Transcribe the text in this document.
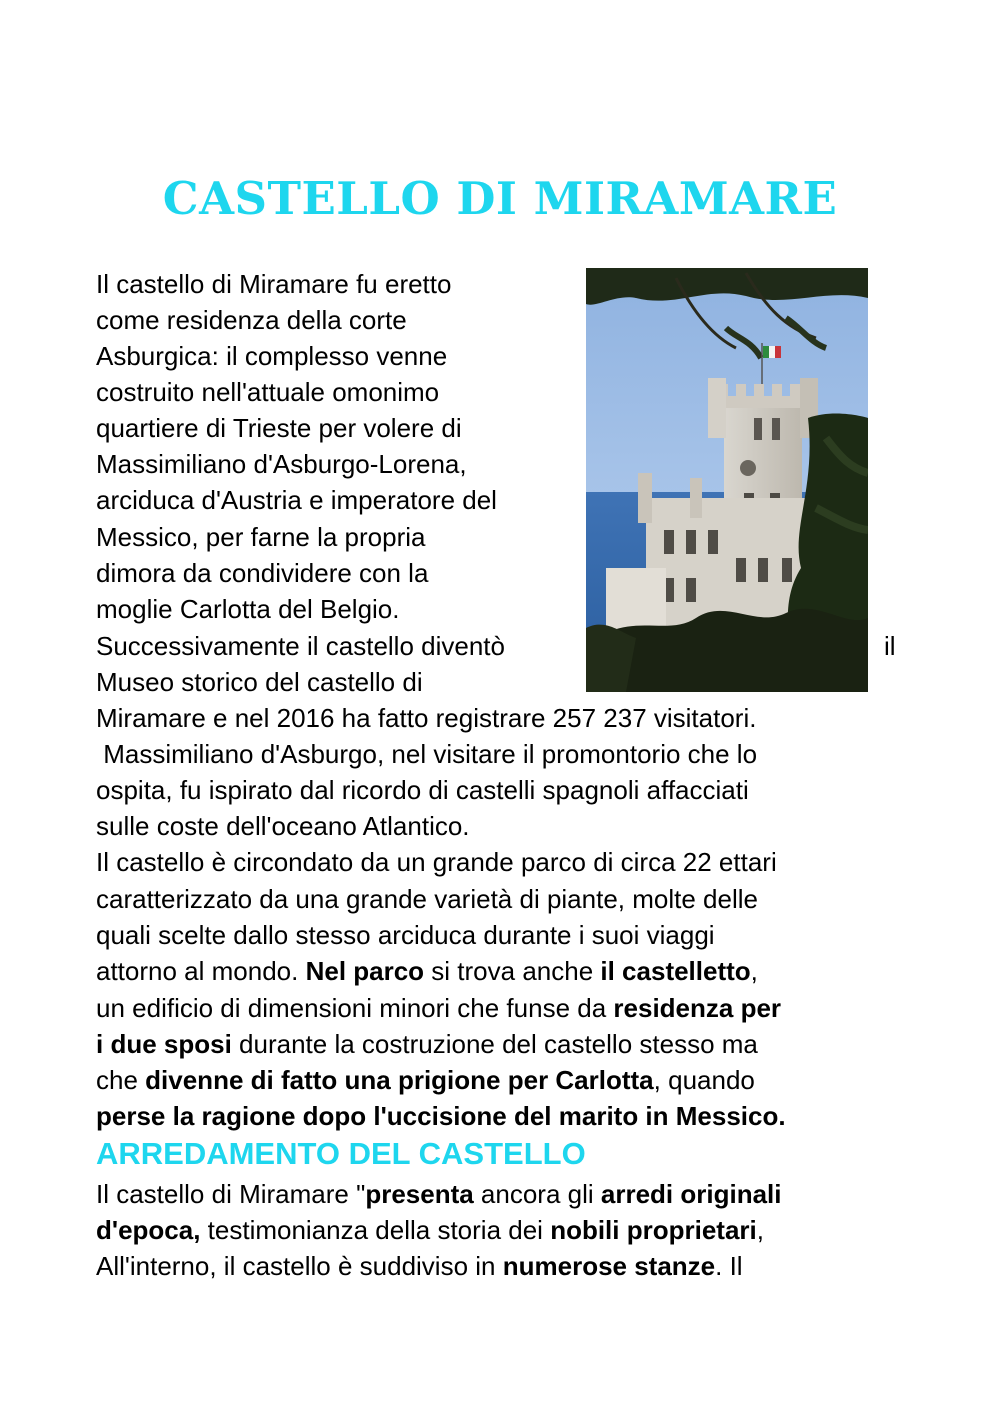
CASTELLO DI MIRAMARE
Il castello di Miramare fu eretto
come residenza della corte
Asburgica: il complesso venne
costruito nell'attuale omonimo
quartiere di Trieste per volere di
Massimiliano d'Asburgo-Lorena,
arciduca d'Austria e imperatore del
Messico, per farne la propria
dimora da condividere con la
moglie Carlotta del Belgio.
Successivamente il castello diventò	il
Museo storico del castello di
Miramare e nel 2016 ha fatto registrare 257 237 visitatori.
Massimiliano d'Asburgo, nel visitare il promontorio che lo
ospita, fu ispirato dal ricordo di castelli spagnoli affacciati
sulle coste dell'oceano Atlantico.
Il castello è circondato da un grande parco di circa 22 ettari
caratterizzato da una grande varietà di piante, molte delle
quali scelte dallo stesso arciduca durante i suoi viaggi
attorno al mondo. Nel parco si trova anche il castelletto,
un edificio di dimensioni minori che funse da residenza per
i due sposi durante la costruzione del castello stesso ma
che divenne di fatto una prigione per Carlotta, quando
perse la ragione dopo l'uccisione del marito in Messico.
ARREDAMENTO DEL CASTELLO
Il castello di Miramare "presenta ancora gli arredi originali
d'epoca, testimonianza della storia dei nobili proprietari,
All'interno, il castello è suddiviso in numerose stanze. Il
